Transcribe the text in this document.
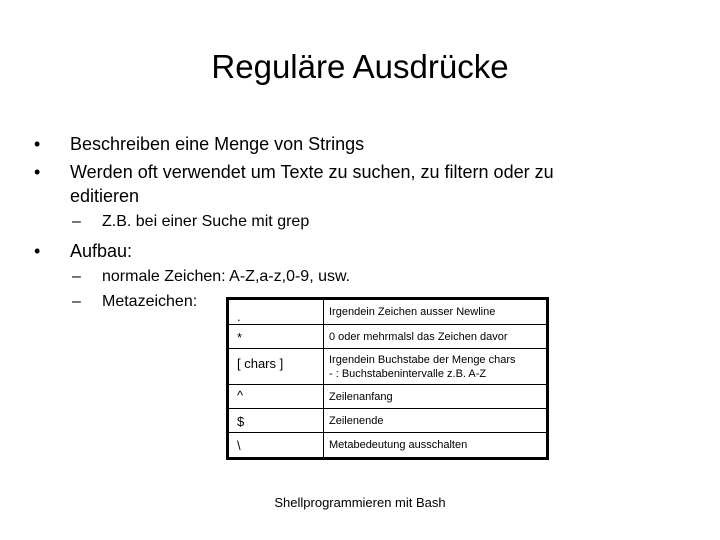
Reguläre Ausdrücke
• Beschreiben eine Menge von Strings
• Werden oft verwendet um Texte zu suchen, zu filtern oder zu
editieren
– Z.B. bei einer Suche mit grep
• Aufbau:
– normale Zeichen: A-Z,a-z,0-9, usw.
– Metazeichen:
.	Irgendein Zeichen ausser Newline
*	0 oder mehrmalsl das Zeichen davor
[ chars ]	Irgendein Buchstabe der Menge chars
- : Buchstabenintervalle z.B. A-Z

^	Zeilenanfang
$	Zeilenende
\	Metabedeutung ausschalten
Shellprogrammieren mit Bash
